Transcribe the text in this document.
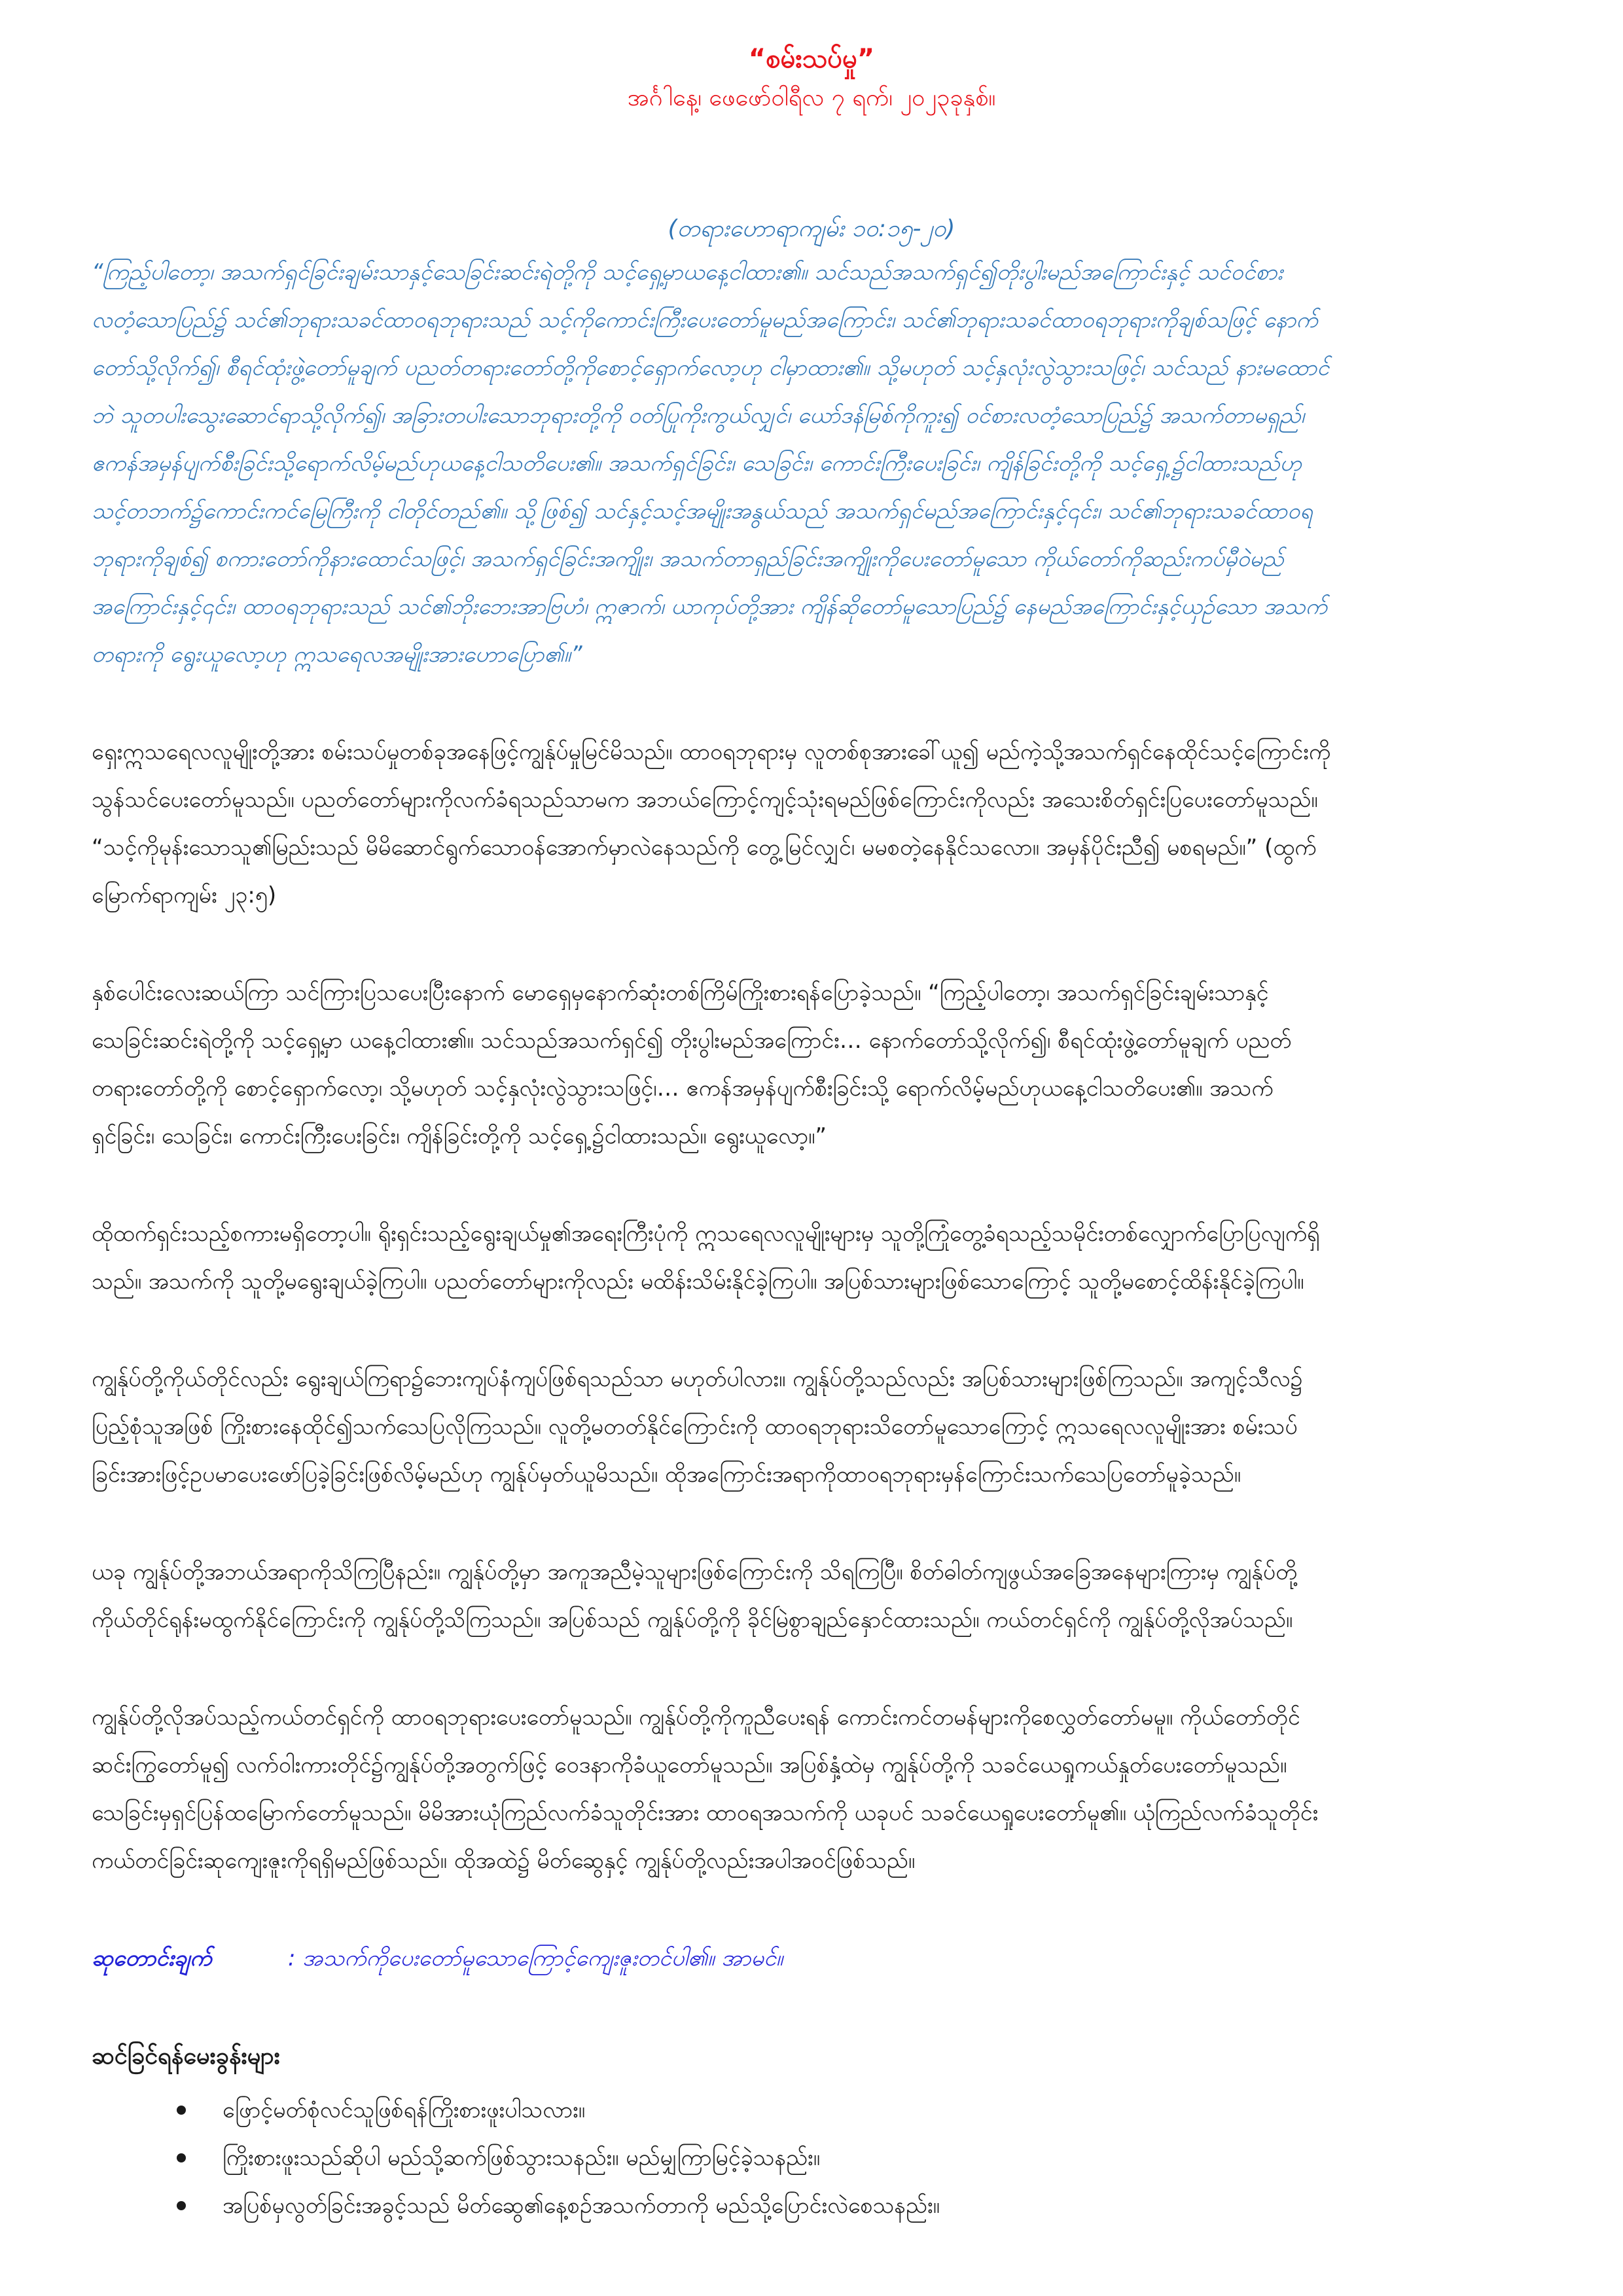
“စမ်းသပ်မှု”

အင်္ဂါနေ့၊ ဖေဖော်ဝါရီလ ၇ ရက်၊ ၂၀၂၃ခုနှစ်။

(တရားဟောရာကျမ်း ၁၀:၁၅-၂၀)

“ကြည့်ပါတော့၊ အသက်ရှင်ခြင်းချမ်းသာနှင့်သေခြင်းဆင်းရဲတို့ကို သင့်ရှေ့မှာယနေ့ငါထား၏။ သင်သည်အသက်ရှင်၍တိုးပွါးမည်အကြောင်းနှင့် သင်ဝင်စား
လတံ့သောပြည်၌ သင်၏ဘုရားသခင်ထာဝရဘုရားသည် သင့်ကိုကောင်းကြီးပေးတော်မူမည်အကြောင်း၊ သင်၏ဘုရားသခင်ထာဝရဘုရားကိုချစ်သဖြင့် နောက်
တော်သို့လိုက်၍၊ စီရင်ထုံးဖွဲ့တော်မူချက် ပညတ်တရားတော်တို့ကိုစောင့်ရှောက်လော့ဟု ငါမှာထား၏။ သို့မဟုတ် သင့်နှလုံးလွဲသွားသဖြင့်၊ သင်သည် နားမထောင်
ဘဲ သူတပါးသွေးဆောင်ရာသို့လိုက်၍၊ အခြားတပါးသောဘုရားတို့ကို ဝတ်ပြုကိုးကွယ်လျှင်၊ ယော်ဒန်မြစ်ကိုကူး၍ ဝင်စားလတံ့သောပြည်၌ အသက်တာမရှည်၊
ဧကန်အမှန်ပျက်စီးခြင်းသို့ရောက်လိမ့်မည်ဟုယနေ့ငါသတိပေး၏။ အသက်ရှင်ခြင်း၊ သေခြင်း၊ ကောင်းကြီးပေးခြင်း၊ ကျိန်ခြင်းတို့ကို သင့်ရှေ့၌ငါထားသည်ဟု
သင့်တဘက်၌ကောင်းကင်မြေကြီးကို ငါတိုင်တည်၏။ သို့ဖြစ်၍ သင်နှင့်သင့်အမျိုးအနွယ်သည် အသက်ရှင်မည်အကြောင်းနှင့်၎င်း၊ သင်၏ဘုရားသခင်ထာဝရ
ဘုရားကိုချစ်၍ စကားတော်ကိုနားထောင်သဖြင့်၊ အသက်ရှင်ခြင်းအကျိုး၊ အသက်တာရှည်ခြင်းအကျိုးကိုပေးတော်မူသော ကိုယ်တော်ကိုဆည်းကပ်မှီဝဲမည်
အကြောင်းနှင့်၎င်း၊ ထာဝရဘုရားသည် သင်၏ဘိုးဘေးအာဗြဟံ၊ ဣဇာက်၊ ယာကုပ်တို့အား ကျိန်ဆိုတော်မူသောပြည်၌ နေမည်အကြောင်းနှင့်ယှဉ်သော အသက်
တရားကို ရွေးယူလော့ဟု ဣသရေလအမျိုးအားဟောပြော၏။”
ရှေးဣသရေလလူမျိုးတို့အား စမ်းသပ်မှုတစ်ခုအနေဖြင့်ကျွန်ုပ်မှုမြင်မိသည်။ ထာဝရဘုရားမှ လူတစ်စုအားခေါ်ယူ၍ မည်ကဲ့သို့အသက်ရှင်နေထိုင်သင့်ကြောင်းကို
သွန်သင်ပေးတော်မူသည်။ ပညတ်တော်များကိုလက်ခံရသည်သာမက အဘယ်ကြောင့်ကျင့်သုံးရမည်ဖြစ်ကြောင်းကိုလည်း အသေးစိတ်ရှင်းပြပေးတော်မူသည်။
“သင့်ကိုမုန်းသောသူ၏မြည်းသည် မိမိဆောင်ရွက်သောဝန်အောက်မှာလဲနေသည်ကို တွေ့မြင်လျှင်၊ မမစတဲ့နေနိုင်သလော။ အမှန်ပိုင်းညီ၍ မစရမည်။” (ထွက်
မြောက်ရာကျမ်း ၂၃:၅)
နှစ်ပေါင်းလေးဆယ်ကြာ သင်ကြားပြသပေးပြီးနောက် မောရှေမှနောက်ဆုံးတစ်ကြိမ်ကြိုးစားရန်ပြောခဲ့သည်။ “ကြည့်ပါတော့၊ အသက်ရှင်ခြင်းချမ်းသာနှင့်
သေခြင်းဆင်းရဲတို့ကို သင့်ရှေ့မှာ ယနေ့ငါထား၏။ သင်သည်အသက်ရှင်၍ တိုးပွါးမည်အကြောင်း… နောက်တော်သို့လိုက်၍၊ စီရင်ထုံးဖွဲ့တော်မူချက် ပညတ်
တရားတော်တို့ကို စောင့်ရှောက်လော့၊ သို့မဟုတ် သင့်နှလုံးလွဲသွားသဖြင့်၊… ဧကန်အမှန်ပျက်စီးခြင်းသို့ ရောက်လိမ့်မည်ဟုယနေ့ငါသတိပေး၏။ အသက်
ရှင်ခြင်း၊ သေခြင်း၊ ကောင်းကြီးပေးခြင်း၊ ကျိန်ခြင်းတို့ကို သင့်ရှေ့၌ငါထားသည်။ ရွေးယူလော့။”
ထိုထက်ရှင်းသည့်စကားမရှိတော့ပါ။ ရိုးရှင်းသည့်ရွေးချယ်မှု၏အရေးကြီးပုံကို ဣသရေလလူမျိုးများမှ သူတို့ကြုံတွေ့ခံရသည့်သမိုင်းတစ်လျှောက်ပြောပြလျက်ရှိ
သည်။ အသက်ကို သူတို့မရွေးချယ်ခဲ့ကြပါ။ ပညတ်တော်များကိုလည်း မထိန်းသိမ်းနိုင်ခဲ့ကြပါ။ အပြစ်သားများဖြစ်သောကြောင့် သူတို့မစောင့်ထိန်းနိုင်ခဲ့ကြပါ။
ကျွန်ုပ်တို့ကိုယ်တိုင်လည်း ရွေးချယ်ကြရာ၌ဘေးကျပ်နံကျပ်ဖြစ်ရသည်သာ မဟုတ်ပါလား။ ကျွန်ုပ်တို့သည်လည်း အပြစ်သားများဖြစ်ကြသည်။ အကျင့်သီလ၌
ပြည့်စုံသူအဖြစ် ကြိုးစားနေထိုင်၍သက်သေပြလိုကြသည်။ လူတို့မတတ်နိုင်ကြောင်းကို ထာဝရဘုရားသိတော်မူသောကြောင့် ဣသရေလလူမျိုးအား စမ်းသပ်
ခြင်းအားဖြင့်ဥပမာပေးဖော်ပြခဲ့ခြင်းဖြစ်လိမ့်မည်ဟု ကျွန်ုပ်မှတ်ယူမိသည်။ ထိုအကြောင်းအရာကိုထာဝရဘုရားမှန်ကြောင်းသက်သေပြတော်မူခဲ့သည်။
ယခု ကျွန်ုပ်တို့အဘယ်အရာကိုသိကြပြီနည်း။ ကျွန်ုပ်တို့မှာ အကူအညီမဲ့သူများဖြစ်ကြောင်းကို သိရကြပြီ။ စိတ်ဓါတ်ကျဖွယ်အခြေအနေများကြားမှ ကျွန်ုပ်တို့
ကိုယ်တိုင်ရုန်းမထွက်နိုင်ကြောင်းကို ကျွန်ုပ်တို့သိကြသည်။ အပြစ်သည် ကျွန်ုပ်တို့ကို ခိုင်မြဲစွာချည်နှောင်ထားသည်။ ကယ်တင်ရှင်ကို ကျွန်ုပ်တို့လိုအပ်သည်။
ကျွန်ုပ်တို့လိုအပ်သည့်ကယ်တင်ရှင်ကို ထာဝရဘုရားပေးတော်မူသည်။ ကျွန်ုပ်တို့ကိုကူညီပေးရန် ကောင်းကင်တမန်များကိုစေလွှတ်တော်မမူ။ ကိုယ်တော်တိုင်
ဆင်းကြွတော်မူ၍ လက်ဝါးကားတိုင်၌ကျွန်ုပ်တို့အတွက်ဖြင့် ဝေဒနာကိုခံယူတော်မူသည်။ အပြစ်နှံ့ထဲမှ ကျွန်ုပ်တို့ကို သခင်ယေရှုကယ်နှုတ်ပေးတော်မူသည်။
သေခြင်းမှရှင်ပြန်ထမြောက်တော်မူသည်။ မိမိအားယုံကြည်လက်ခံသူတိုင်းအား ထာဝရအသက်ကို ယခုပင် သခင်ယေရှုပေးတော်မူ၏။ ယုံကြည်လက်ခံသူတိုင်း
ကယ်တင်ခြင်းဆုကျေးဇူးကိုရရှိမည်ဖြစ်သည်။ ထိုအထဲ၌ မိတ်ဆွေနှင့် ကျွန်ုပ်တို့လည်းအပါအဝင်ဖြစ်သည်။
ဆုတောင်းချက်	: အသက်ကိုပေးတော်မူသောကြောင့်ကျေးဇူးတင်ပါ၏။ အာမင်။

ဆင်ခြင်ရန်မေးခွန်းများ

ဖြောင့်မတ်စုံလင်သူဖြစ်ရန်ကြိုးစားဖူးပါသလား။
ကြိုးစားဖူးသည်ဆိုပါ မည်သို့ဆက်ဖြစ်သွားသနည်း။ မည်မျှကြာမြင့်ခဲ့သနည်း။
အပြစ်မှလွတ်ခြင်းအခွင့်သည် မိတ်ဆွေ၏နေ့စဉ်အသက်တာကို မည်သို့ပြောင်းလဲစေသနည်း။
